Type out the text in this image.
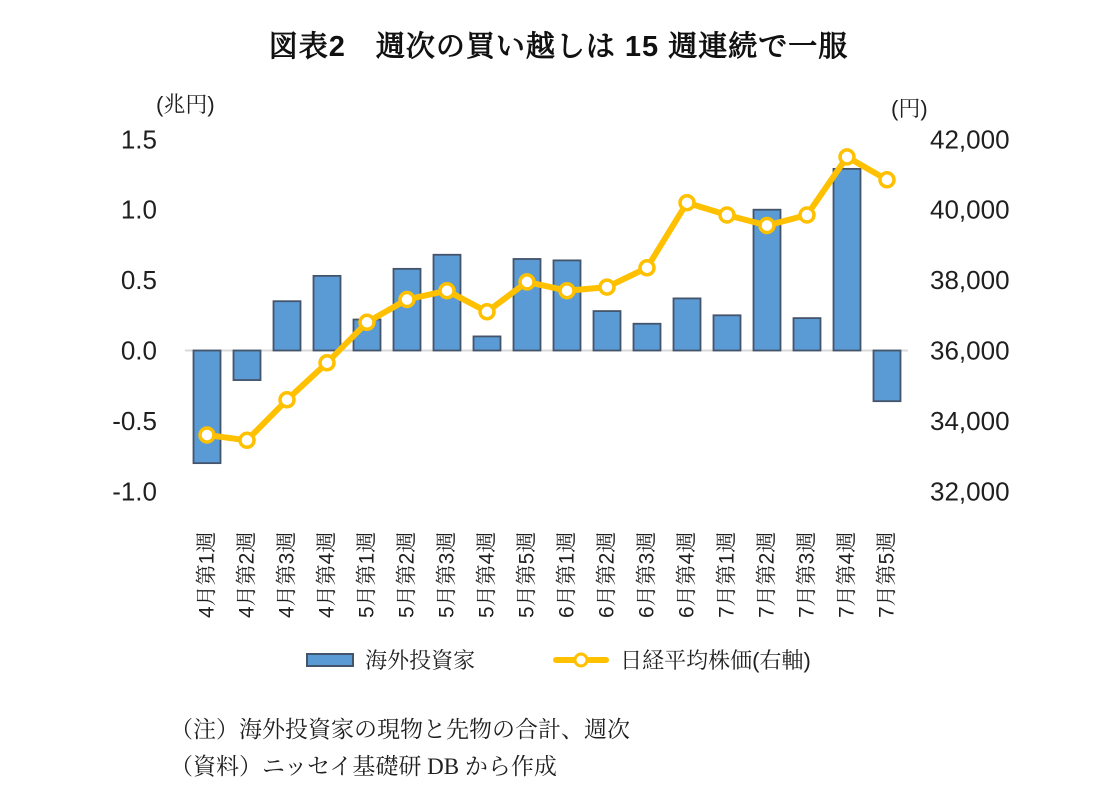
図表2　週次の買い越しは 15 週連続で一服
(兆円)	(円)
1.5
1.0
0.5
0.0
-0.5
-1.0
42,000
40,000
38,000
36,000
34,000
32,000
4月第1週 4月第2週 4月第3週 4月第4週 5月第1週 5月第2週 5月第3週 5月第4週 5月第5週 6月第1週 6月第2週 6月第3週 6月第4週 7月第1週 7月第2週 7月第3週 7月第4週 7月第5週
海外投資家	日経平均株価(右軸)
（注）海外投資家の現物と先物の合計、週次
（資料）ニッセイ基礎研 DB から作成
